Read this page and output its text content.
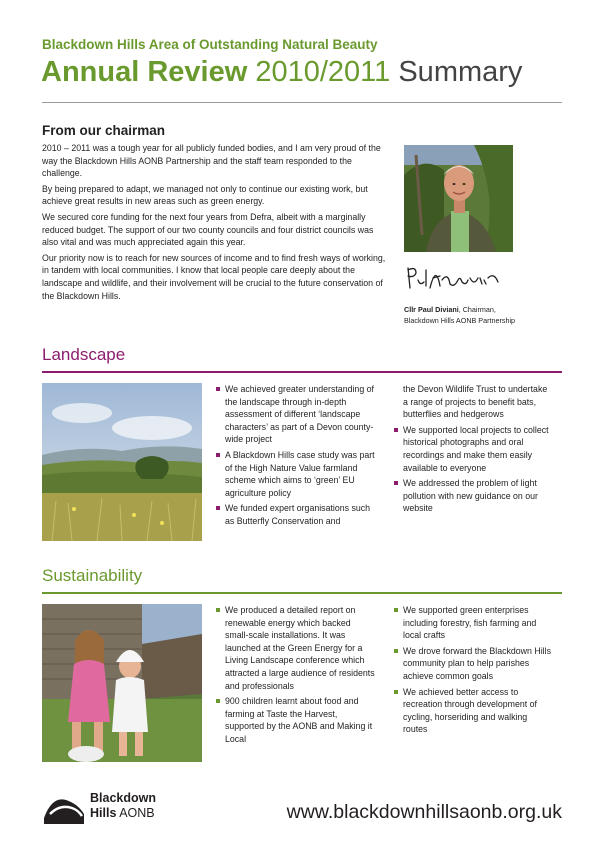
Blackdown Hills Area of Outstanding Natural Beauty
Annual Review 2010/2011 Summary
From our chairman

2010 – 2011 was a tough year for all publicly funded bodies, and I am very proud of the way the Blackdown Hills AONB Partnership and the staff team responded to the challenge.

By being prepared to adapt, we managed not only to continue our existing work, but achieve great results in new areas such as green energy.

We secured core funding for the next four years from Defra, albeit with a marginally reduced budget. The support of our two county councils and four district councils was also vital and was much appreciated again this year.

Our priority now is to reach for new sources of income and to find fresh ways of working, in tandem with local communities. I know that local people care deeply about the landscape and wildlife, and their involvement will be crucial to the future conservation of the Blackdown Hills.

Cllr Paul Diviani, Chairman,
Blackdown Hills AONB Partnership
Landscape
We achieved greater understanding of the landscape through in-depth assessment of different ‘landscape characters’ as part of a Devon county-wide project
A Blackdown Hills case study was part of the High Nature Value farmland scheme which aims to ‘green’ EU agriculture policy
We funded expert organisations such as Butterfly Conservation and
the Devon Wildlife Trust to undertake a range of projects to benefit bats, butterflies and hedgerows
We supported local projects to collect historical photographs and oral recordings and make them easily available to everyone
We addressed the problem of light pollution with new guidance on our website
Sustainability
We produced a detailed report on renewable energy which backed small-scale installations. It was launched at the Green Energy for a Living Landscape conference which attracted a large audience of residents and professionals
900 children learnt about food and farming at Taste the Harvest, supported by the AONB and Making it Local
We supported green enterprises including forestry, fish farming and local crafts
We drove forward the Blackdown Hills community plan to help parishes achieve common goals
We achieved better access to recreation through development of cycling, horseriding and walking routes
Blackdown
Hills AONB	www.blackdownhillsaonb.org.uk
